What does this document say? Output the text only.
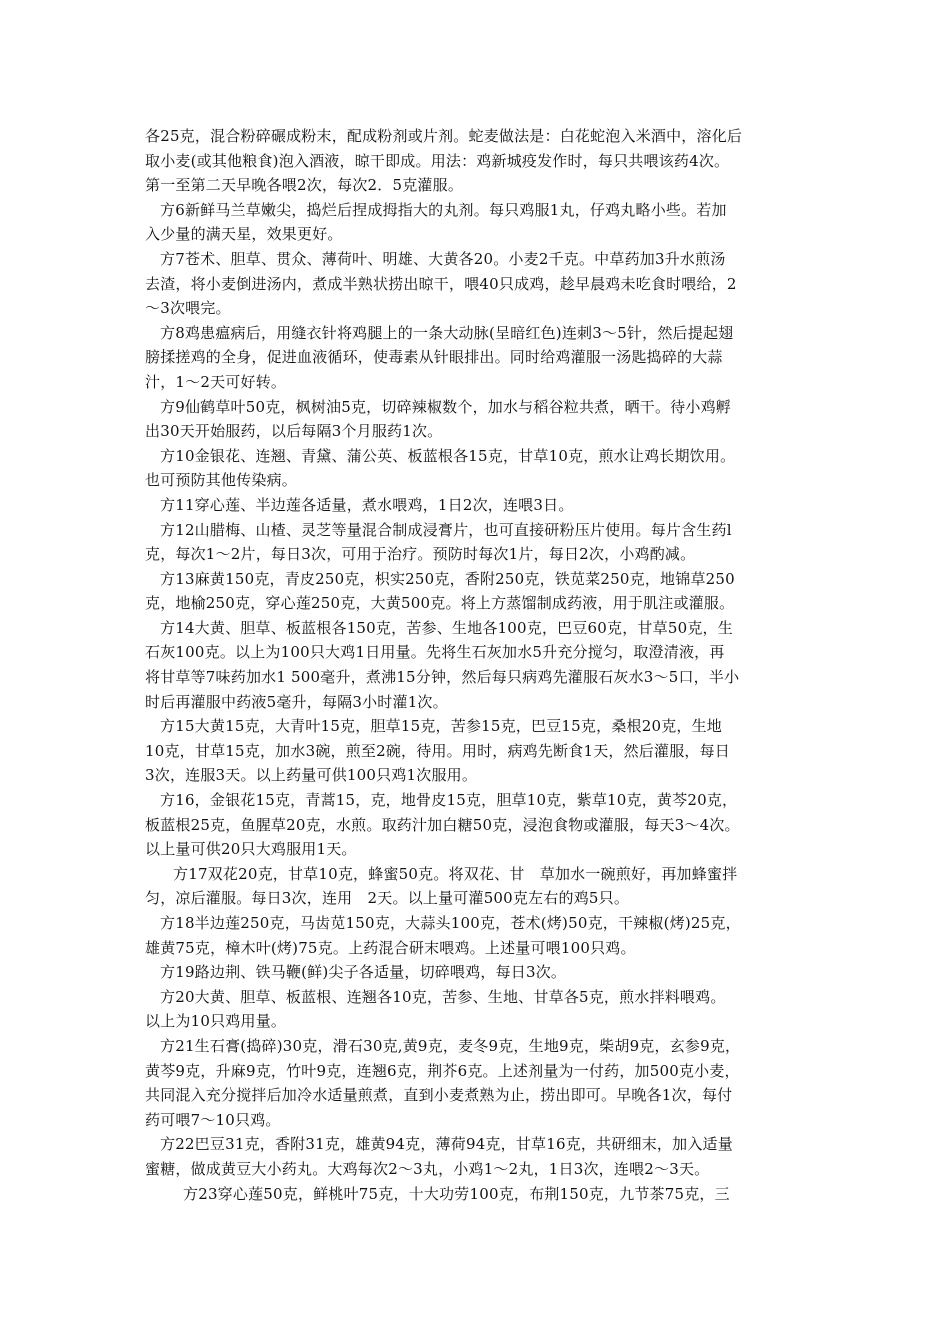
各25克，混合粉碎碾成粉末，配成粉剂或片剂。蛇麦做法是：白花蛇泡入米酒中，溶化后
取小麦(或其他粮食)泡入酒液，晾干即成。用法：鸡新城疫发作时，每只共喂该药4次。
第一至第二天早晚各喂2次，每次2．5克灌服。
方6新鲜马兰草嫩尖，捣烂后捏成拇指大的丸剂。每只鸡服1丸，仔鸡丸略小些。若加
入少量的满天星，效果更好。
方7苍术、胆草、贯众、薄荷叶、明雄、大黄各20。小麦2千克。中草药加3升水煎汤
去渣，将小麦倒进汤内，煮成半熟状捞出晾干，喂40只成鸡，趁早晨鸡未吃食时喂给，2
～3次喂完。
方8鸡患瘟病后，用缝衣针将鸡腿上的一条大动脉(呈暗红色)连刺3～5针，然后提起翅
膀揉搓鸡的全身，促进血液循环，使毒素从针眼排出。同时给鸡灌服一汤匙捣碎的大蒜
汁，1～2天可好转。
方9仙鹤草叶50克，枫树油5克，切碎辣椒数个，加水与稻谷粒共煮，晒干。待小鸡孵
出30天开始服药，以后每隔3个月服药1次。
方10金银花、连翘、青黛、蒲公英、板蓝根各15克，甘草10克，煎水让鸡长期饮用。
也可预防其他传染病。
方11穿心莲、半边莲各适量，煮水喂鸡，1日2次，连喂3日。
方12山腊梅、山楂、灵芝等量混合制成浸膏片，也可直接研粉压片使用。每片含生药l
克，每次1～2片，每日3次，可用于治疗。预防时每次1片，每日2次，小鸡酌减。
方13麻黄150克，青皮250克，枳实250克，香附250克，铁苋菜250克，地锦草250
克，地榆250克，穿心莲250克，大黄500克。将上方蒸馏制成药液，用于肌注或灌服。
方14大黄、胆草、板蓝根各150克，苦参、生地各100克，巴豆60克，甘草50克，生
石灰100克。以上为100只大鸡1日用量。先将生石灰加水5升充分搅匀，取澄清液，再
将甘草等7味药加水1 500毫升，煮沸15分钟，然后每只病鸡先灌服石灰水3～5口，半小
时后再灌服中药液5毫升，每隔3小时灌1次。
方15大黄15克，大青叶15克，胆草15克，苦参15克，巴豆15克，桑根20克，生地
10克，甘草15克，加水3碗，煎至2碗，待用。用时，病鸡先断食1天，然后灌服，每日
3次，连服3天。以上药量可供100只鸡1次服用。
方16，金银花15克，青蒿15，克，地骨皮15克，胆草10克，紫草10克，黄芩20克，
板蓝根25克，鱼腥草20克，水煎。取药汁加白糖50克，浸泡食物或灌服，每天3～4次。
以上量可供20只大鸡服用1天。
方17双花20克，甘草10克，蜂蜜50克。将双花、甘　草加水一碗煎好，再加蜂蜜拌
匀，凉后灌服。每日3次，连用　2天。以上量可灌500克左右的鸡5只。
方18半边莲250克，马齿苋150克，大蒜头100克，苍术(烤)50克，干辣椒(烤)25克，
雄黄75克，樟木叶(烤)75克。上药混合研末喂鸡。上述量可喂100只鸡。
方19路边荆、铁马鞭(鲜)尖子各适量，切碎喂鸡，每日3次。
方20大黄、胆草、板蓝根、连翘各10克，苦参、生地、甘草各5克，煎水拌料喂鸡。
以上为10只鸡用量。
方21生石膏(捣碎)30克，滑石30克,黄9克，麦冬9克，生地9克，柴胡9克，玄参9克，
黄芩9克，升麻9克，竹叶9克，连翘6克，荆芥6克。上述剂量为一付药，加500克小麦，
共同混入充分搅拌后加冷水适量煎煮，直到小麦煮熟为止，捞出即可。早晚各1次，每付
药可喂7～10只鸡。
方22巴豆31克，香附31克，雄黄94克，薄荷94克，甘草16克，共研细末，加入适量
蜜糖，做成黄豆大小药丸。大鸡每次2～3丸，小鸡1～2丸，1日3次，连喂2～3天。
方23穿心莲50克，鲜桃叶75克，十大功劳100克，布荆150克，九节茶75克，三
